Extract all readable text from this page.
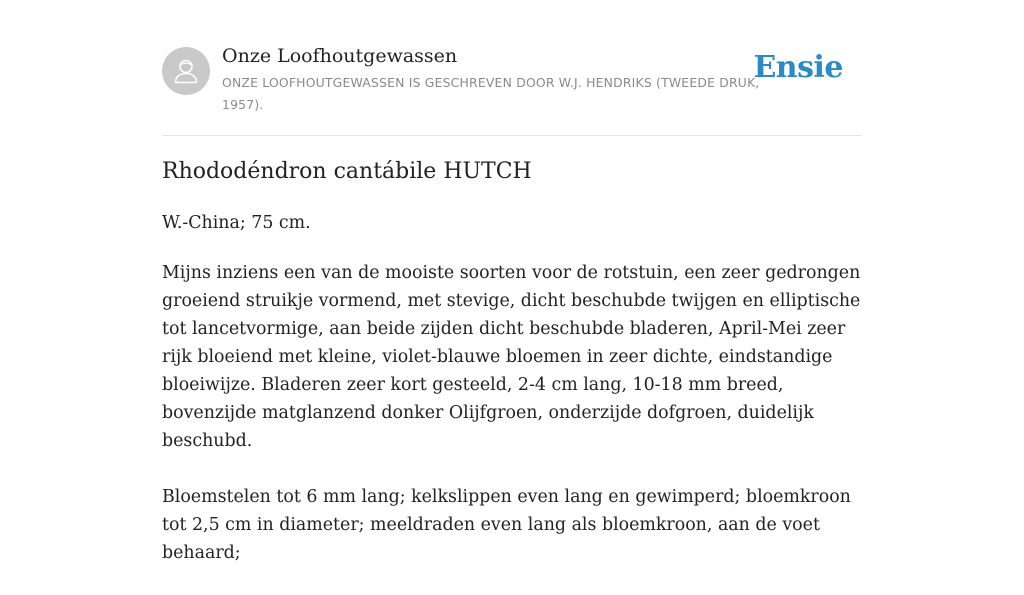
Onze Loofhoutgewassen
ONZE LOOFHOUTGEWASSEN IS GESCHREVEN DOOR W.J. HENDRIKS (TWEEDE DRUK, 1957).
Ensie
Rhododéndron cantábile HUTCH

W.-China; 75 cm.

Mijns inziens een van de mooiste soorten voor de rotstuin, een zeer gedrongen groeiend struikje vormend, met stevige, dicht beschubde twijgen en elliptische tot lancetvormige, aan beide zijden dicht beschubde bladeren, April-Mei zeer rijk bloeiend met kleine, violet-blauwe bloemen in zeer dichte, eindstandige bloeiwijze. Bladeren zeer kort gesteeld, 2-4 cm lang, 10-18 mm breed, bovenzijde matglanzend donker Olijfgroen, onderzijde dofgroen, duidelijk beschubd.

Bloemstelen tot 6 mm lang; kelkslippen even lang en gewimperd; bloemkroon tot 2,5 cm in diameter; meeldraden even lang als bloemkroon, aan de voet behaard;
